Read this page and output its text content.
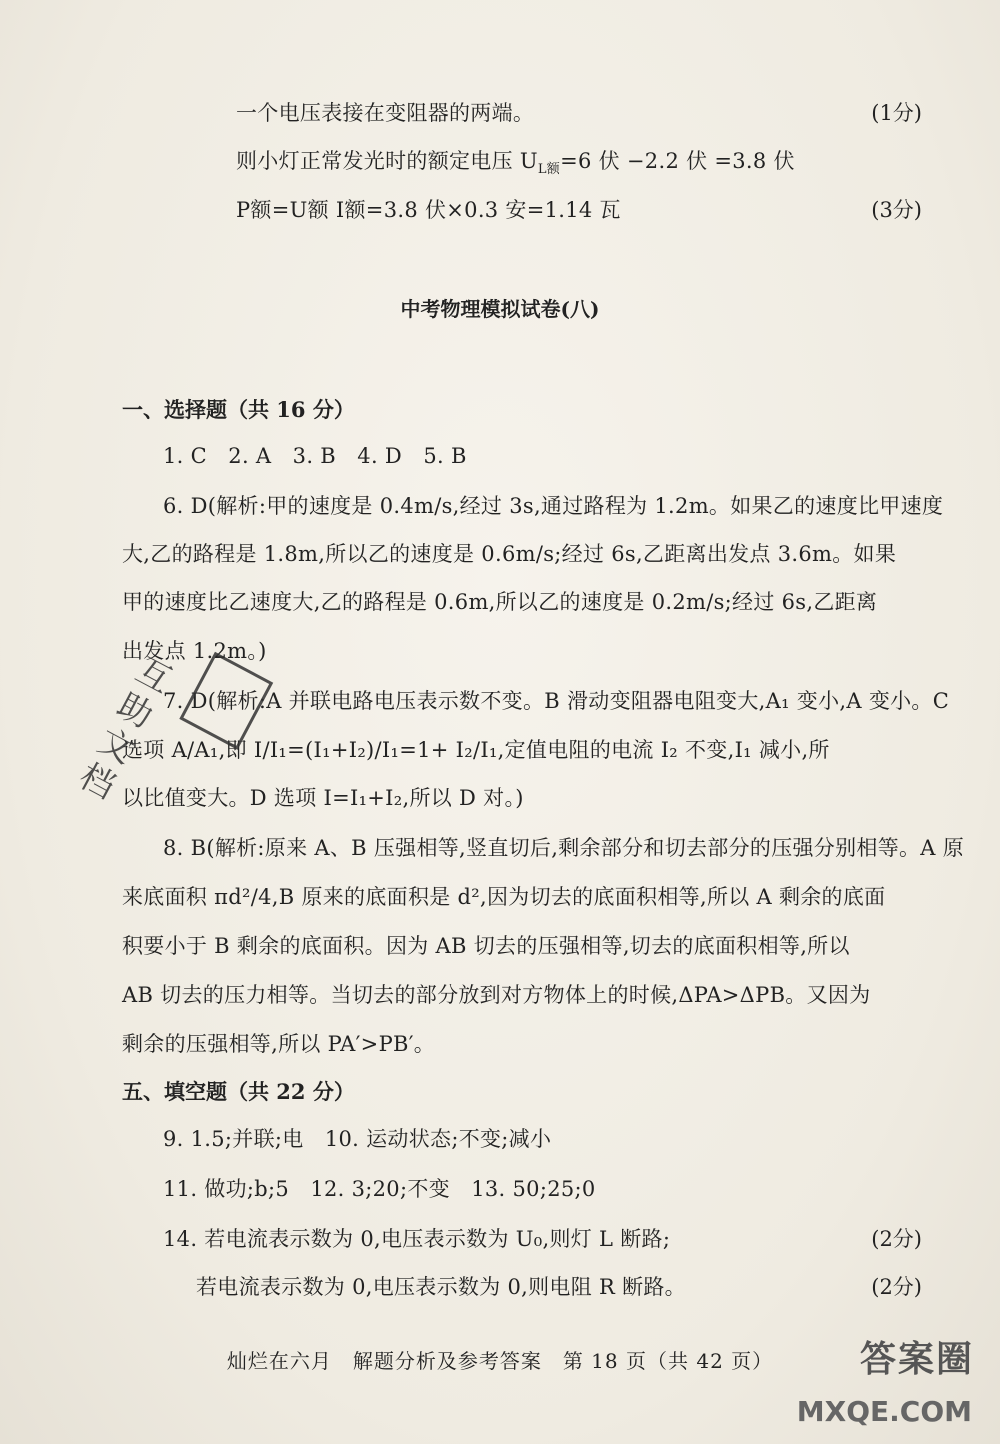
一个电压表接在变阻器的两端。	(1分)
则小灯正常发光时的额定电压 $U_{L额}=6$ 伏 −2.2 伏 =3.8 伏
P额=U额 I额=3.8 伏×0.3 安=1.14 瓦	(3分)
中考物理模拟试卷(八)
一、选择题（共 16 分）
1. C　2. A　3. B　4. D　5. B
6. D(解析:甲的速度是 0.4m/s,经过 3s,通过路程为 1.2m。如果乙的速度比甲速度
大,乙的路程是 1.8m,所以乙的速度是 0.6m/s;经过 6s,乙距离出发点 3.6m。如果
甲的速度比乙速度大,乙的路程是 0.6m,所以乙的速度是 0.2m/s;经过 6s,乙距离
出发点 1.2m。)
7. D(解析:A 并联电路电压表示数不变。B 滑动变阻器电阻变大,A₁ 变小,A 变小。C
选项 A/A₁,即 I/I₁=(I₁+I₂)/I₁=1+ I₂/I₁,定值电阻的电流 I₂ 不变,I₁ 减小,所
以比值变大。D 选项 I=I₁+I₂,所以 D 对。)
8. B(解析:原来 A、B 压强相等,竖直切后,剩余部分和切去部分的压强分别相等。A 原
来底面积 πd²/4,B 原来的底面积是 d²,因为切去的底面积相等,所以 A 剩余的底面
积要小于 B 剩余的底面积。因为 AB 切去的压强相等,切去的底面积相等,所以
AB 切去的压力相等。当切去的部分放到对方物体上的时候,ΔPA>ΔPB。又因为
剩余的压强相等,所以 PA′>PB′。
五、填空题（共 22 分）
9. 1.5;并联;电　10. 运动状态;不变;减小
11. 做功;b;5　12. 3;20;不变　13. 50;25;0
14. 若电流表示数为 0,电压表示数为 U₀,则灯 L 断路;	(2分)
若电流表示数为 0,电压表示数为 0,则电阻 R 断路。	(2分)
灿烂在六月　解题分析及参考答案　第 18 页（共 42 页）
互助文档
答案圈
MXQE.COM
